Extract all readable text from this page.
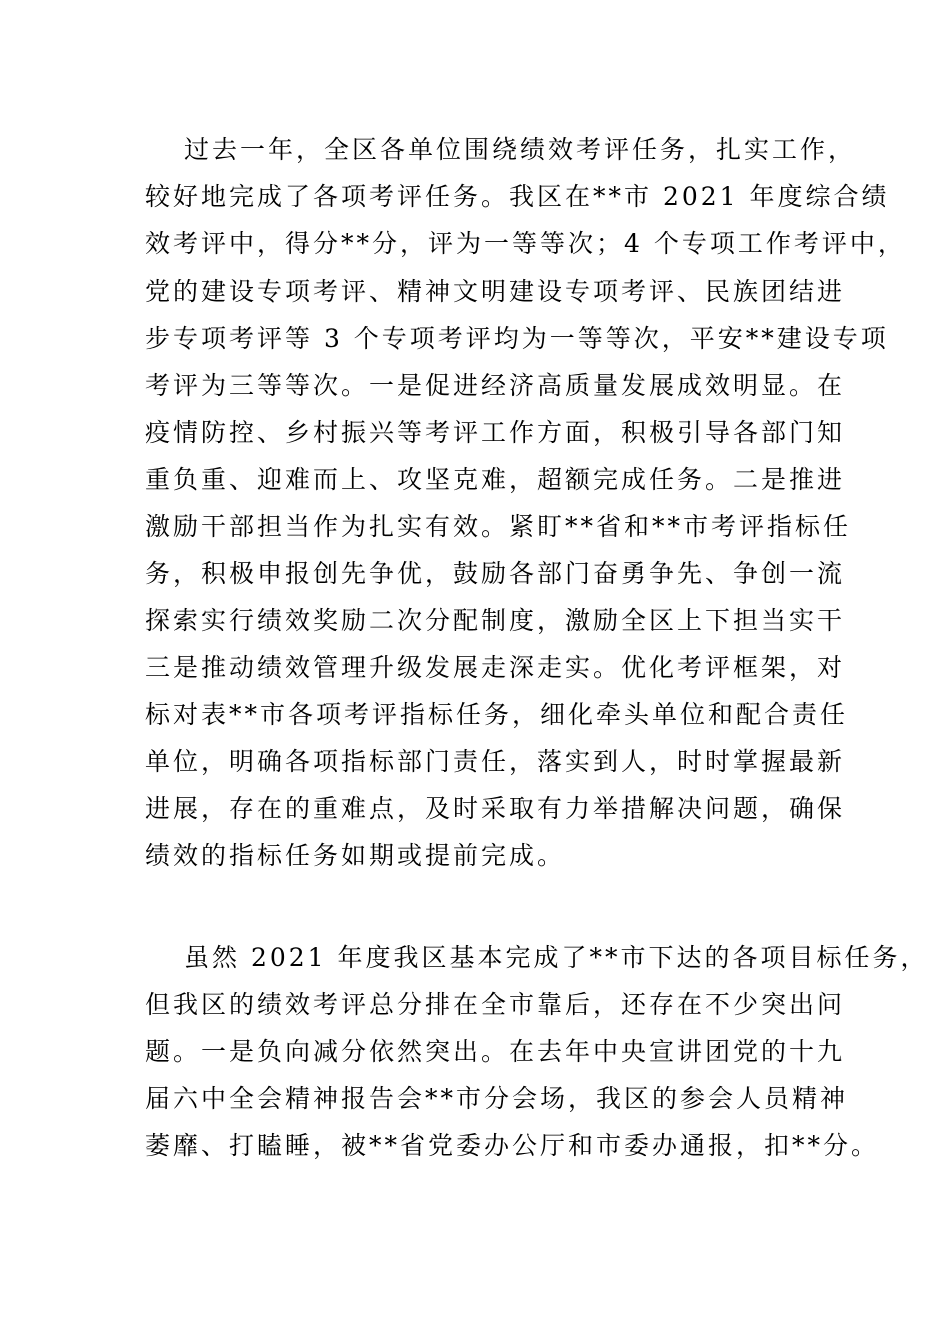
过去一年，全区各单位围绕绩效考评任务，扎实工作，
较好地完成了各项考评任务。我区在**市 2021 年度综合绩
效考评中，得分**分，评为一等等次；4 个专项工作考评中，
党的建设专项考评、精神文明建设专项考评、民族团结进
步专项考评等 3 个专项考评均为一等等次，平安**建设专项
考评为三等等次。一是促进经济高质量发展成效明显。在
疫情防控、乡村振兴等考评工作方面，积极引导各部门知
重负重、迎难而上、攻坚克难，超额完成任务。二是推进
激励干部担当作为扎实有效。紧盯**省和**市考评指标任
务，积极申报创先争优，鼓励各部门奋勇争先、争创一流
探索实行绩效奖励二次分配制度，激励全区上下担当实干
三是推动绩效管理升级发展走深走实。优化考评框架，对
标对表**市各项考评指标任务，细化牵头单位和配合责任
单位，明确各项指标部门责任，落实到人，时时掌握最新
进展，存在的重难点，及时采取有力举措解决问题，确保
绩效的指标任务如期或提前完成。
虽然 2021 年度我区基本完成了**市下达的各项目标任务，
但我区的绩效考评总分排在全市靠后，还存在不少突出问
题。一是负向减分依然突出。在去年中央宣讲团党的十九
届六中全会精神报告会**市分会场，我区的参会人员精神
萎靡、打瞌睡，被**省党委办公厅和市委办通报，扣**分。
